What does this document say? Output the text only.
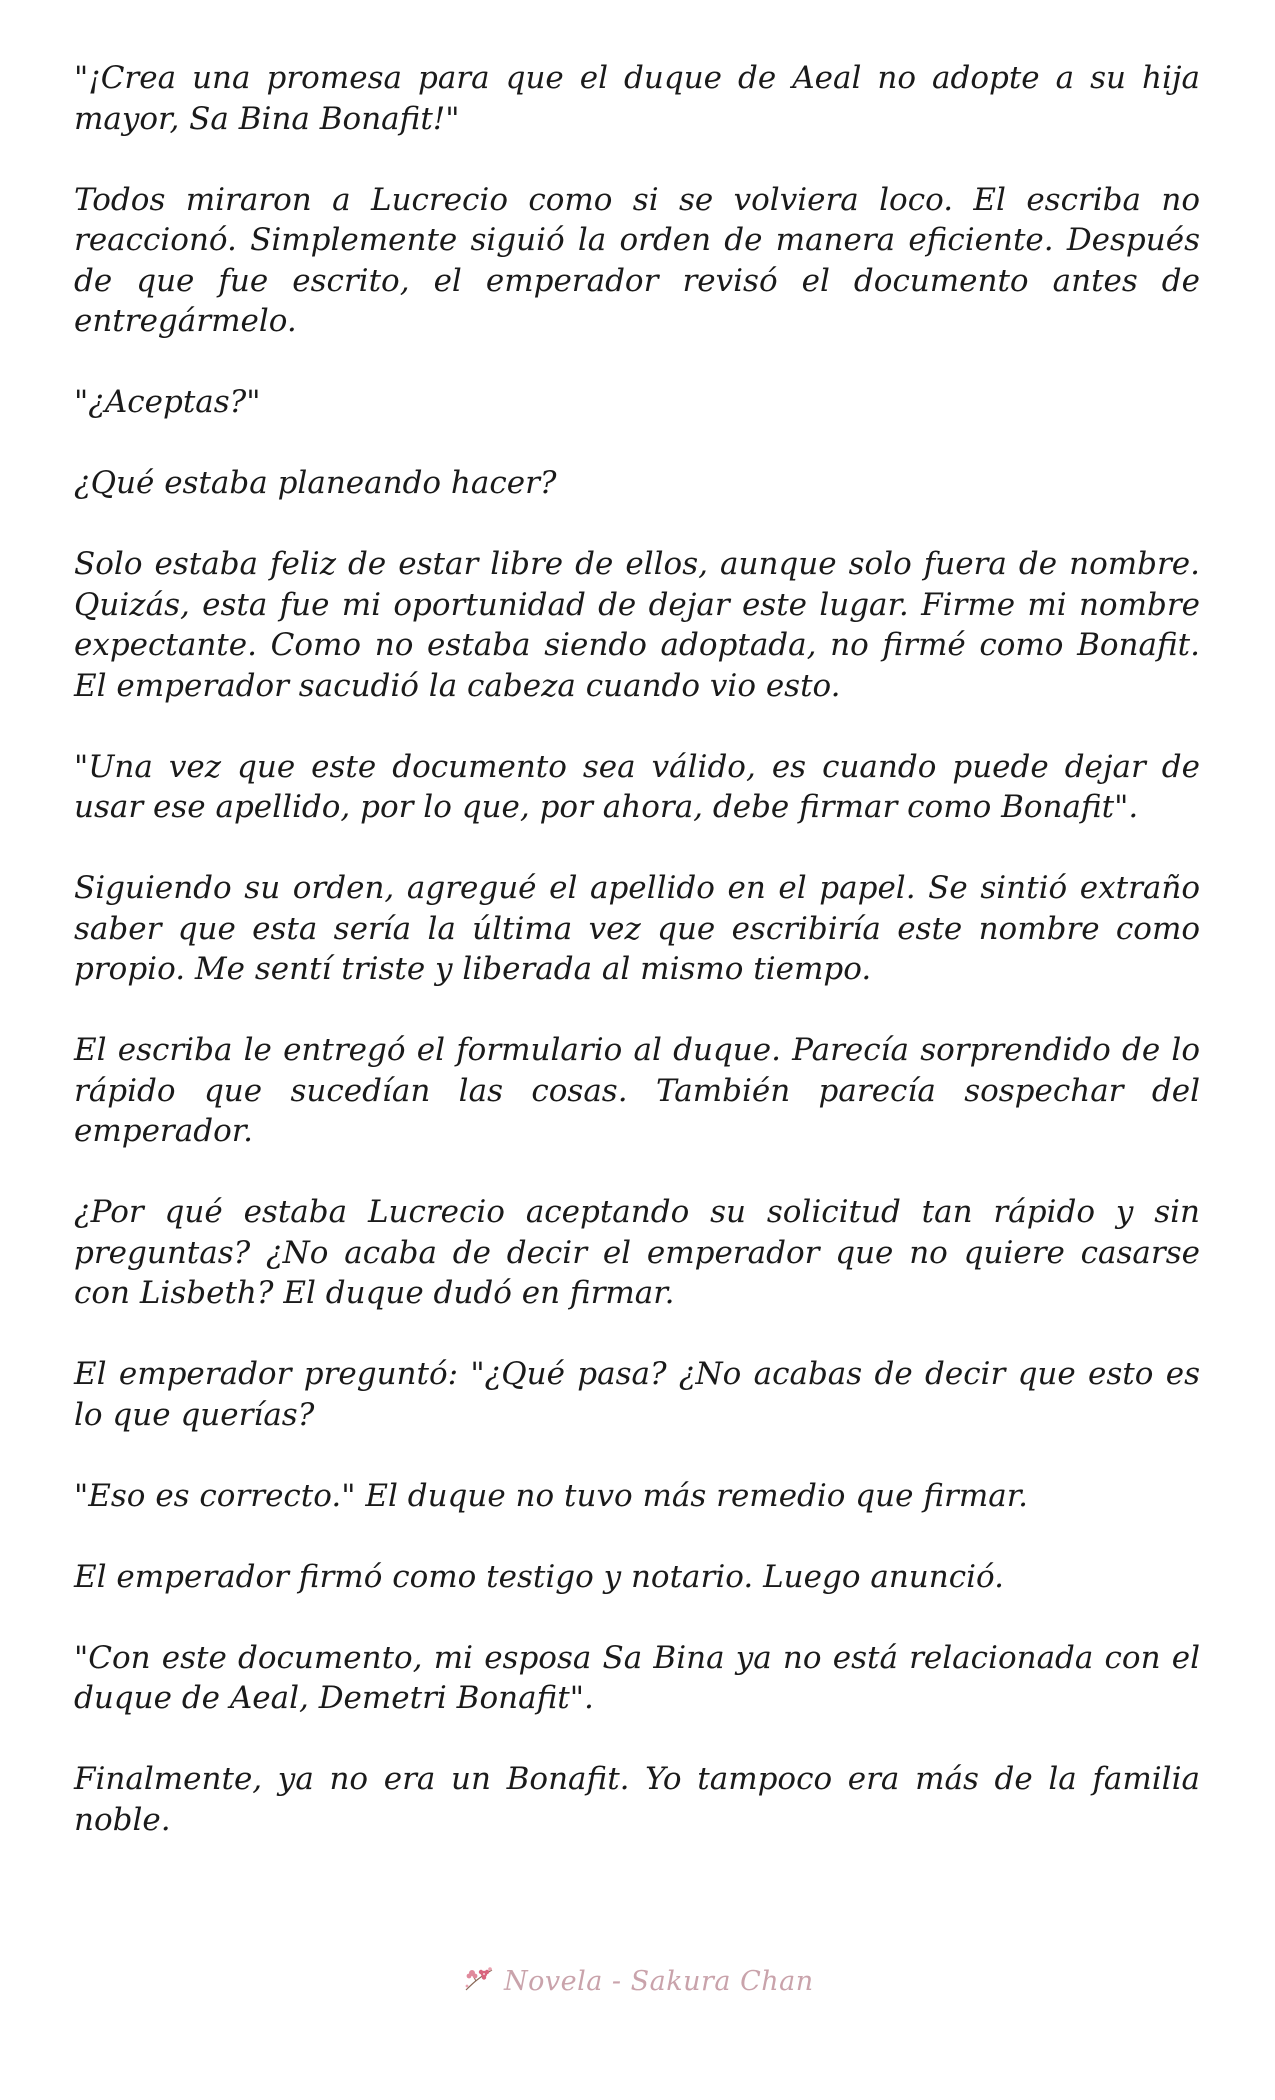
"¡Crea una promesa para que el duque de Aeal no adopte a su hija mayor, Sa Bina Bonafit!"

Todos miraron a Lucrecio como si se volviera loco. El escriba no reaccionó. Simplemente siguió la orden de manera eficiente. Después de que fue escrito, el emperador revisó el documento antes de entregármelo.

"¿Aceptas?"

¿Qué estaba planeando hacer?

Solo estaba feliz de estar libre de ellos, aunque solo fuera de nombre. Quizás, esta fue mi oportunidad de dejar este lugar. Firme mi nombre expectante. Como no estaba siendo adoptada, no firmé como Bonafit. El emperador sacudió la cabeza cuando vio esto.

"Una vez que este documento sea válido, es cuando puede dejar de usar ese apellido, por lo que, por ahora, debe firmar como Bonafit".

Siguiendo su orden, agregué el apellido en el papel. Se sintió extraño saber que esta sería la última vez que escribiría este nombre como propio. Me sentí triste y liberada al mismo tiempo.

El escriba le entregó el formulario al duque. Parecía sorprendido de lo rápido que sucedían las cosas. También parecía sospechar del emperador.

¿Por qué estaba Lucrecio aceptando su solicitud tan rápido y sin preguntas? ¿No acaba de decir el emperador que no quiere casarse con Lisbeth? El duque dudó en firmar.

El emperador preguntó: "¿Qué pasa? ¿No acabas de decir que esto es lo que querías?

"Eso es correcto." El duque no tuvo más remedio que firmar.

El emperador firmó como testigo y notario. Luego anunció.

"Con este documento, mi esposa Sa Bina ya no está relacionada con el duque de Aeal, Demetri Bonafit".

Finalmente, ya no era un Bonafit. Yo tampoco era más de la familia noble.

Novela - Sakura Chan
